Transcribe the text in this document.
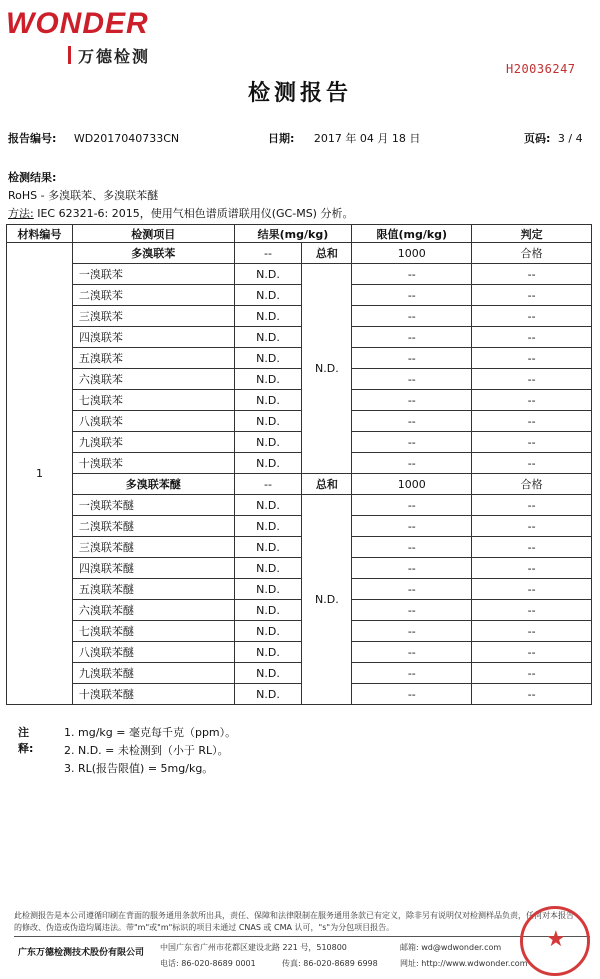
WONDER
万德检测
H20036247
检测报告
报告编号: WD2017040733CN	日期: 2017 年 04 月 18 日	页码: 3 / 4
检测结果:
RoHS - 多溴联苯、多溴联苯醚
方法: IEC 62321-6: 2015，使用气相色谱质谱联用仪(GC-MS) 分析。
材料编号	检测项目	结果(mg/kg)		限值(mg/kg)	判定
1	多溴联苯	--	总和	1000	合格
	一溴联苯	N.D.	N.D.	--	--
	二溴联苯	N.D.		--	--
	三溴联苯	N.D.		--	--
	四溴联苯	N.D.		--	--
	五溴联苯	N.D.		--	--
	六溴联苯	N.D.		--	--
	七溴联苯	N.D.		--	--
	八溴联苯	N.D.		--	--
	九溴联苯	N.D.		--	--
	十溴联苯	N.D.		--	--
	多溴联苯醚	--	总和	1000	合格
	一溴联苯醚	N.D.	N.D.	--	--
	二溴联苯醚	N.D.		--	--
	三溴联苯醚	N.D.		--	--
	四溴联苯醚	N.D.		--	--
	五溴联苯醚	N.D.		--	--
	六溴联苯醚	N.D.		--	--
	七溴联苯醚	N.D.		--	--
	八溴联苯醚	N.D.		--	--
	九溴联苯醚	N.D.		--	--
	十溴联苯醚	N.D.		--	--
注释:
1. mg/kg = 毫克每千克（ppm）。
2. N.D. = 未检测到（小于 RL）。
3. RL(报告限值) = 5mg/kg。
此检测报告是本公司遵循印刷在背面的服务通用条款所出具，责任、保障和法律限制在服务通用条款已有定义，除非另有说明仅对检测样品负责，任何对本报告的修改、伪造或伪造均属违法。带"m"或"m"标识的项目未通过 CNAS 或 CMA 认可，"s"为分包项目报告。
广东万德检测技术股份有限公司
中国广东省广州市花都区建设北路 221 号，510800	邮箱: wd@wdwonder.com
电话: 86-020-8689 0001	传真: 86-020-8689 6998	网址: http://www.wdwonder.com
★
